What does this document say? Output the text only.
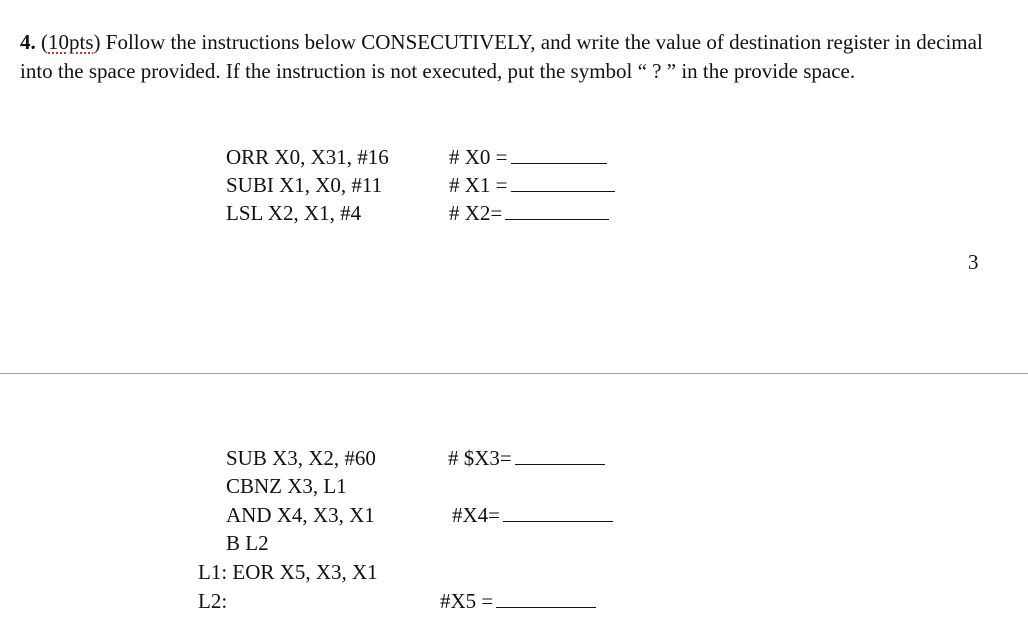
4. (10pts) Follow the instructions below CONSECUTIVELY, and write the value of destination register in decimal into the space provided. If the instruction is not executed, put the symbol “ ? ” in the provide space.

ORR X0, X31, #16
SUBI X1, X0, #11
LSL X2, X1, #4
# X0 =
# X1 =
# X2=
3
SUB X3, X2, #60
CBNZ X3, L1
AND X4, X3, X1
B L2
L1: EOR X5, X3, X1
L2:
# $X3=
#X4=
#X5 =
